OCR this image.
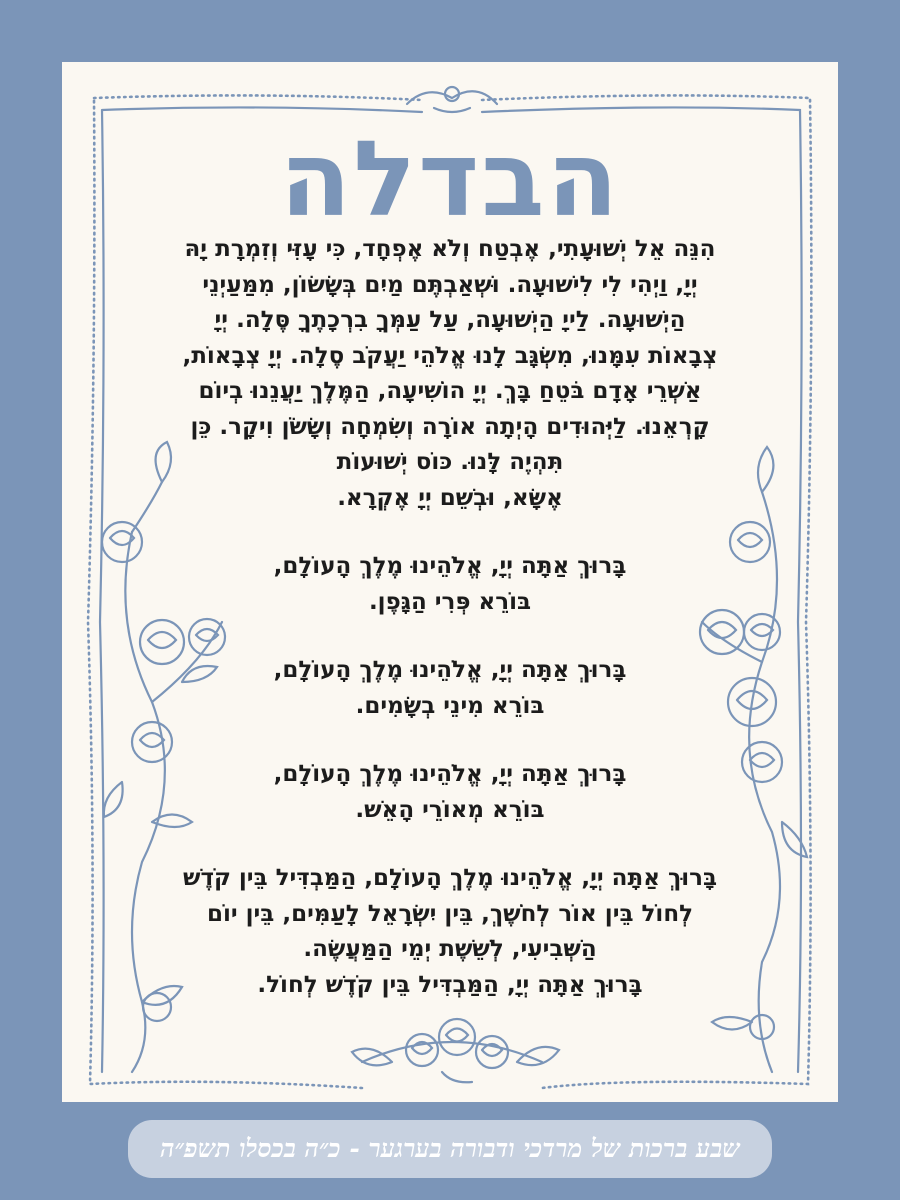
הבדלה
הִנֵּה אֵל יְשׁוּעָתִי, אֶבְטַח וְלֹא אֶפְחָד, כִּי עָזִּי וְזִמְרָת יָהּ
יְיָ, וַיְהִי לִי לִישׁוּעָה. וּשְׁאַבְתֶּם מַיִם בְּשָׂשׂוֹן, מִמַּעַיְנֵי
הַיְשׁוּעָה. לַייָ הַיְשׁוּעָה, עַל עַמְּךָ בִרְכָתֶךָ סֶּלָה. יְיָ
צְבָאוֹת עִמָּנוּ, מִשְׂגָּב לָנוּ אֱלֹהֵי יַעֲקֹב סֶלָה. יְיָ צְבָאוֹת,
אַשְׁרֵי אָדָם בֹּטֵחַ בָּךְ. יְיָ הוֹשִׁיעָה, הַמֶּלֶךְ יַעֲנֵנוּ בְיוֹם
קָרְאֵנוּ. לַיְּהוּדִים הָיְתָה אוֹרָה וְשִׂמְחָה וְשָׂשֹׂן וִיקָר. כֵּן
תִּהְיֶה לָּנוּ. כּוֹס יְשׁוּעוֹת
אֶשָּׂא, וּבְשֵׁם יְיָ אֶקְרָא.
בָּרוּךְ אַתָּה יְיָ, אֱלֹהֵינוּ מֶלֶךְ הָעוֹלָם,
בּוֹרֵא פְּרִי הַגָּפֶן.
בָּרוּךְ אַתָּה יְיָ, אֱלֹהֵינוּ מֶלֶךְ הָעוֹלָם,
בּוֹרֵא מִינֵי בְשָׂמִים.
בָּרוּךְ אַתָּה יְיָ, אֱלֹהֵינוּ מֶלֶךְ הָעוֹלָם,
בּוֹרֵא מְאוֹרֵי הָאֵשׁ.
בָּרוּךְ אַתָּה יְיָ, אֱלֹהֵינוּ מֶלֶךְ הָעוֹלָם, הַמַּבְדִּיל בֵּין קֹדֶשׁ
לְחוֹל בֵּין אוֹר לְחֹשֶׁךְ, בֵּין יִשְׂרָאֵל לָעַמִּים, בֵּין יוֹם
הַשְּׁבִיעִי, לְשֵׁשֶׁת יְמֵי הַמַּעֲשֶׂה.
בָּרוּךְ אַתָּה יְיָ, הַמַּבְדִּיל בֵּין קֹדֶשׁ לְחוֹל.
שבע ברכות של מרדכי ודבורה בערגער - כ״ה בכסלו תשפ״ה
